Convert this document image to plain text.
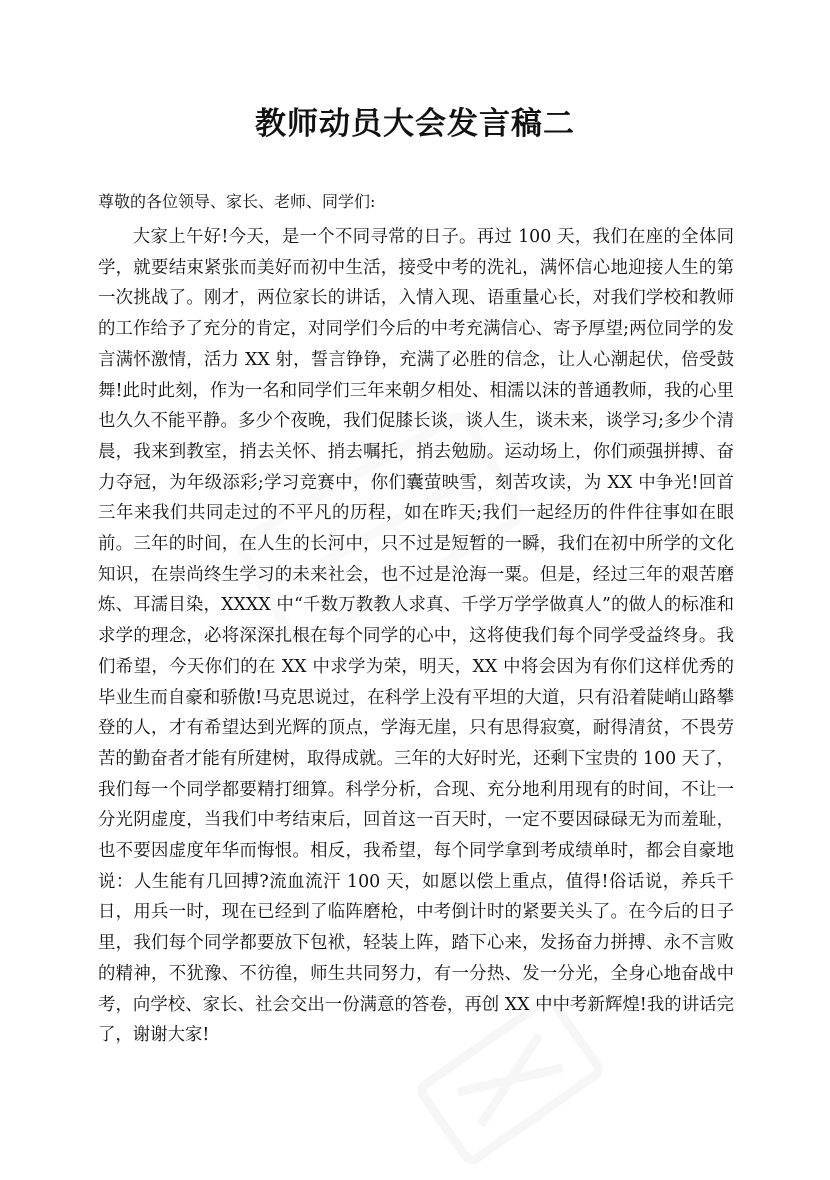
教师动员大会发言稿二
尊敬的各位领导、家长、老师、同学们:

大家上午好!今天，是一个不同寻常的日子。再过 100 天，我们在座的全体同学，就要结束紧张而美好而初中生活，接受中考的洗礼，满怀信心地迎接人生的第一次挑战了。刚才，两位家长的讲话，入情入现、语重量心长，对我们学校和教师的工作给予了充分的肯定，对同学们今后的中考充满信心、寄予厚望;两位同学的发言满怀激情，活力 XX 射，誓言铮铮，充满了必胜的信念，让人心潮起伏，倍受鼓舞!此时此刻，作为一名和同学们三年来朝夕相处、相濡以沫的普通教师，我的心里也久久不能平静。多少个夜晚，我们促膝长谈，谈人生，谈未来，谈学习;多少个清晨，我来到教室，捎去关怀、捎去嘱托，捎去勉励。运动场上，你们顽强拼搏、奋力夺冠，为年级添彩;学习竞赛中，你们囊萤映雪，刻苦攻读，为 XX 中争光!回首三年来我们共同走过的不平凡的历程，如在昨天;我们一起经历的件件往事如在眼前。三年的时间，在人生的长河中，只不过是短暂的一瞬，我们在初中所学的文化知识，在崇尚终生学习的未来社会，也不过是沧海一粟。但是，经过三年的艰苦磨炼、耳濡目染，XXXX 中“千数万教教人求真、千学万学学做真人”的做人的标准和求学的理念，必将深深扎根在每个同学的心中，这将使我们每个同学受益终身。我们希望，今天你们的在 XX 中求学为荣，明天，XX 中将会因为有你们这样优秀的毕业生而自豪和骄傲!马克思说过，在科学上没有平坦的大道，只有沿着陡峭山路攀登的人，才有希望达到光辉的顶点，学海无崖，只有思得寂寞，耐得清贫，不畏劳苦的勤奋者才能有所建树，取得成就。三年的大好时光，还剩下宝贵的 100 天了，我们每一个同学都要精打细算。科学分析，合现、充分地利用现有的时间，不让一分光阴虚度，当我们中考结束后，回首这一百天时，一定不要因碌碌无为而羞耻，也不要因虚度年华而悔恨。相反，我希望，每个同学拿到考成绩单时，都会自豪地说：人生能有几回搏?流血流汗 100 天，如愿以偿上重点，值得!俗话说，养兵千日，用兵一时，现在已经到了临阵磨枪，中考倒计时的紧要关头了。在今后的日子里，我们每个同学都要放下包袱，轻装上阵，踏下心来，发扬奋力拼搏、永不言败的精神，不犹豫、不彷徨，师生共同努力，有一分热、发一分光，全身心地奋战中考，向学校、家长、社会交出一份满意的答卷，再创 XX 中中考新辉煌!我的讲话完了，谢谢大家!
